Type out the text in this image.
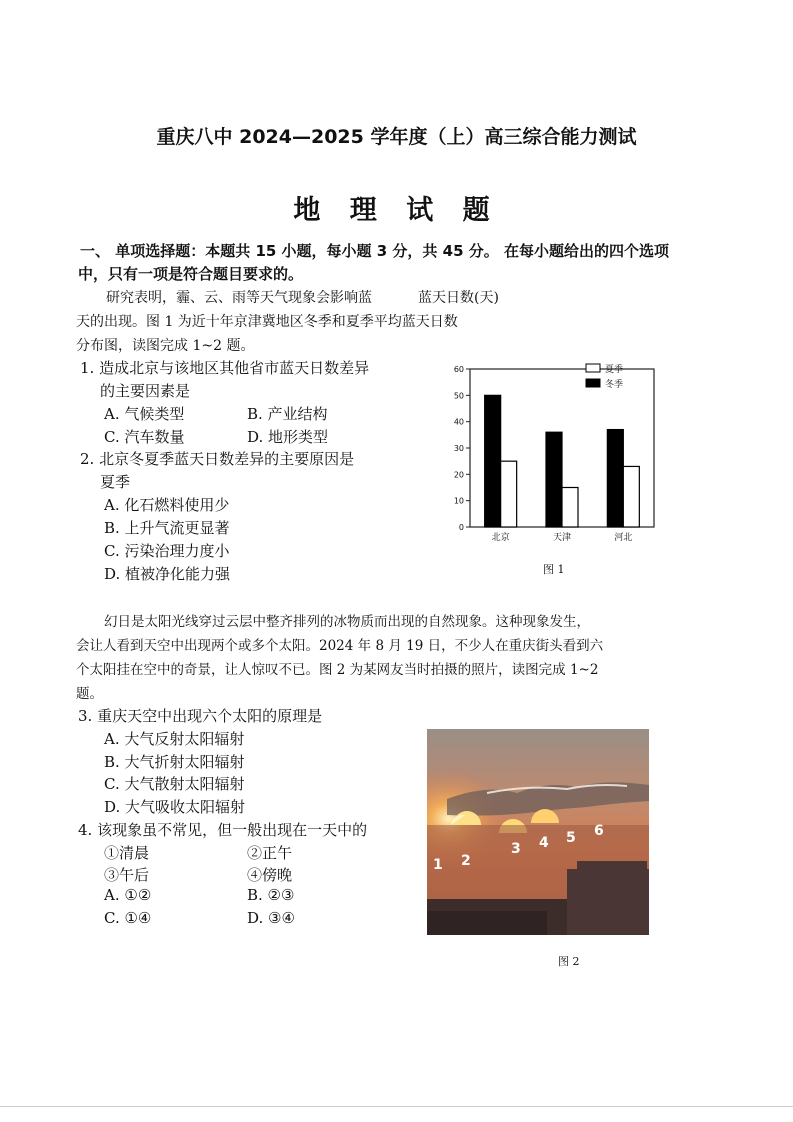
重庆八中 2024—2025 学年度（上）高三综合能力测试
地 理 试 题
一、 单项选择题：本题共 15 小题，每小题 3 分，共 45 分。 在每小题给出的四个选项
中，只有一项是符合题目要求的。
研究表明，霾、云、雨等天气现象会影响蓝
天的出现。图 1 为近十年京津冀地区冬季和夏季平均蓝天日数
分布图，读图完成 1~2 题。
1. 造成北京与该地区其他省市蓝天日数差异
的主要因素是
A. 气候类型	B. 产业结构
C. 汽车数量	D. 地形类型
2. 北京冬夏季蓝天日数差异的主要原因是
夏季
A. 化石燃料使用少
B. 上升气流更显著
C. 污染治理力度小
D. 植被净化能力强
蓝天日数(天)
0
10
20
30
40
50
60
北京	天津	河北
夏季
冬季
图 1
幻日是太阳光线穿过云层中整齐排列的冰物质而出现的自然现象。这种现象发生，
会让人看到天空中出现两个或多个太阳。2024 年 8 月 19 日，不少人在重庆街头看到六
个太阳挂在空中的奇景，让人惊叹不已。图 2 为某网友当时拍摄的照片，读图完成 1~2
题。
3. 重庆天空中出现六个太阳的原理是
A. 大气反射太阳辐射
B. 大气折射太阳辐射
C. 大气散射太阳辐射
D. 大气吸收太阳辐射
4. 该现象虽不常见，但一般出现在一天中的
①清晨	②正午
③午后	④傍晚
A. ①②	B. ②③
C. ①④	D. ③④
1 2
3 4 5 6
图 2
